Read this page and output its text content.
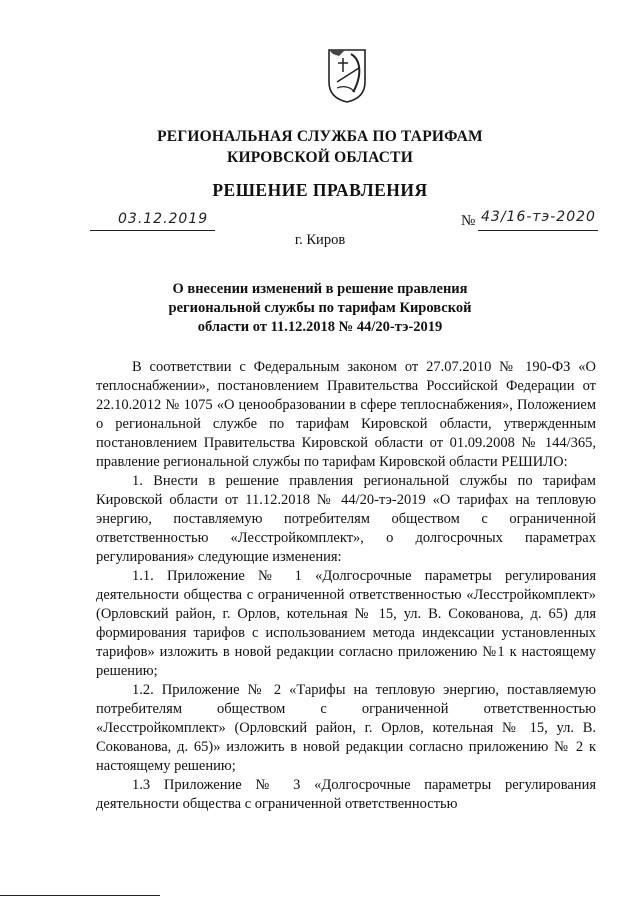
РЕГИОНАЛЬНАЯ СЛУЖБА ПО ТАРИФАМ
КИРОВСКОЙ ОБЛАСТИ
РЕШЕНИЕ ПРАВЛЕНИЯ
03.12.2019	№ 43/16-тэ-2020
г. Киров
О внесении изменений в решение правления
региональной службы по тарифам Кировской
области от 11.12.2018 № 44/20-тэ-2019

В соответствии с Федеральным законом от 27.07.2010 № 190-ФЗ «О теплоснабжении», постановлением Правительства Российской Федерации от 22.10.2012 № 1075 «О ценообразовании в сфере теплоснабжения», Положением о региональной службе по тарифам Кировской области, утвержденным постановлением Правительства Кировской области от 01.09.2008 № 144/365, правление региональной службы по тарифам Кировской области РЕШИЛО:

1. Внести в решение правления региональной службы по тарифам Кировской области от 11.12.2018 № 44/20-тэ-2019 «О тарифах на тепловую энергию, поставляемую потребителям обществом с ограниченной ответственностью «Лесстройкомплект», о долгосрочных параметрах регулирования» следующие изменения:

1.1. Приложение № 1 «Долгосрочные параметры регулирования деятельности общества с ограниченной ответственностью «Лесстройкомплект» (Орловский район, г. Орлов, котельная № 15, ул. В. Сокованова, д. 65) для формирования тарифов с использованием метода индексации установленных тарифов» изложить в новой редакции согласно приложению №1 к настоящему решению;

1.2. Приложение № 2 «Тарифы на тепловую энергию, поставляемую потребителям обществом с ограниченной ответственностью «Лесстройкомплект» (Орловский район, г. Орлов, котельная № 15, ул. В. Сокованова, д. 65)» изложить в новой редакции согласно приложению № 2 к настоящему решению;

1.3 Приложение № 3 «Долгосрочные параметры регулирования деятельности общества с ограниченной ответственностью
